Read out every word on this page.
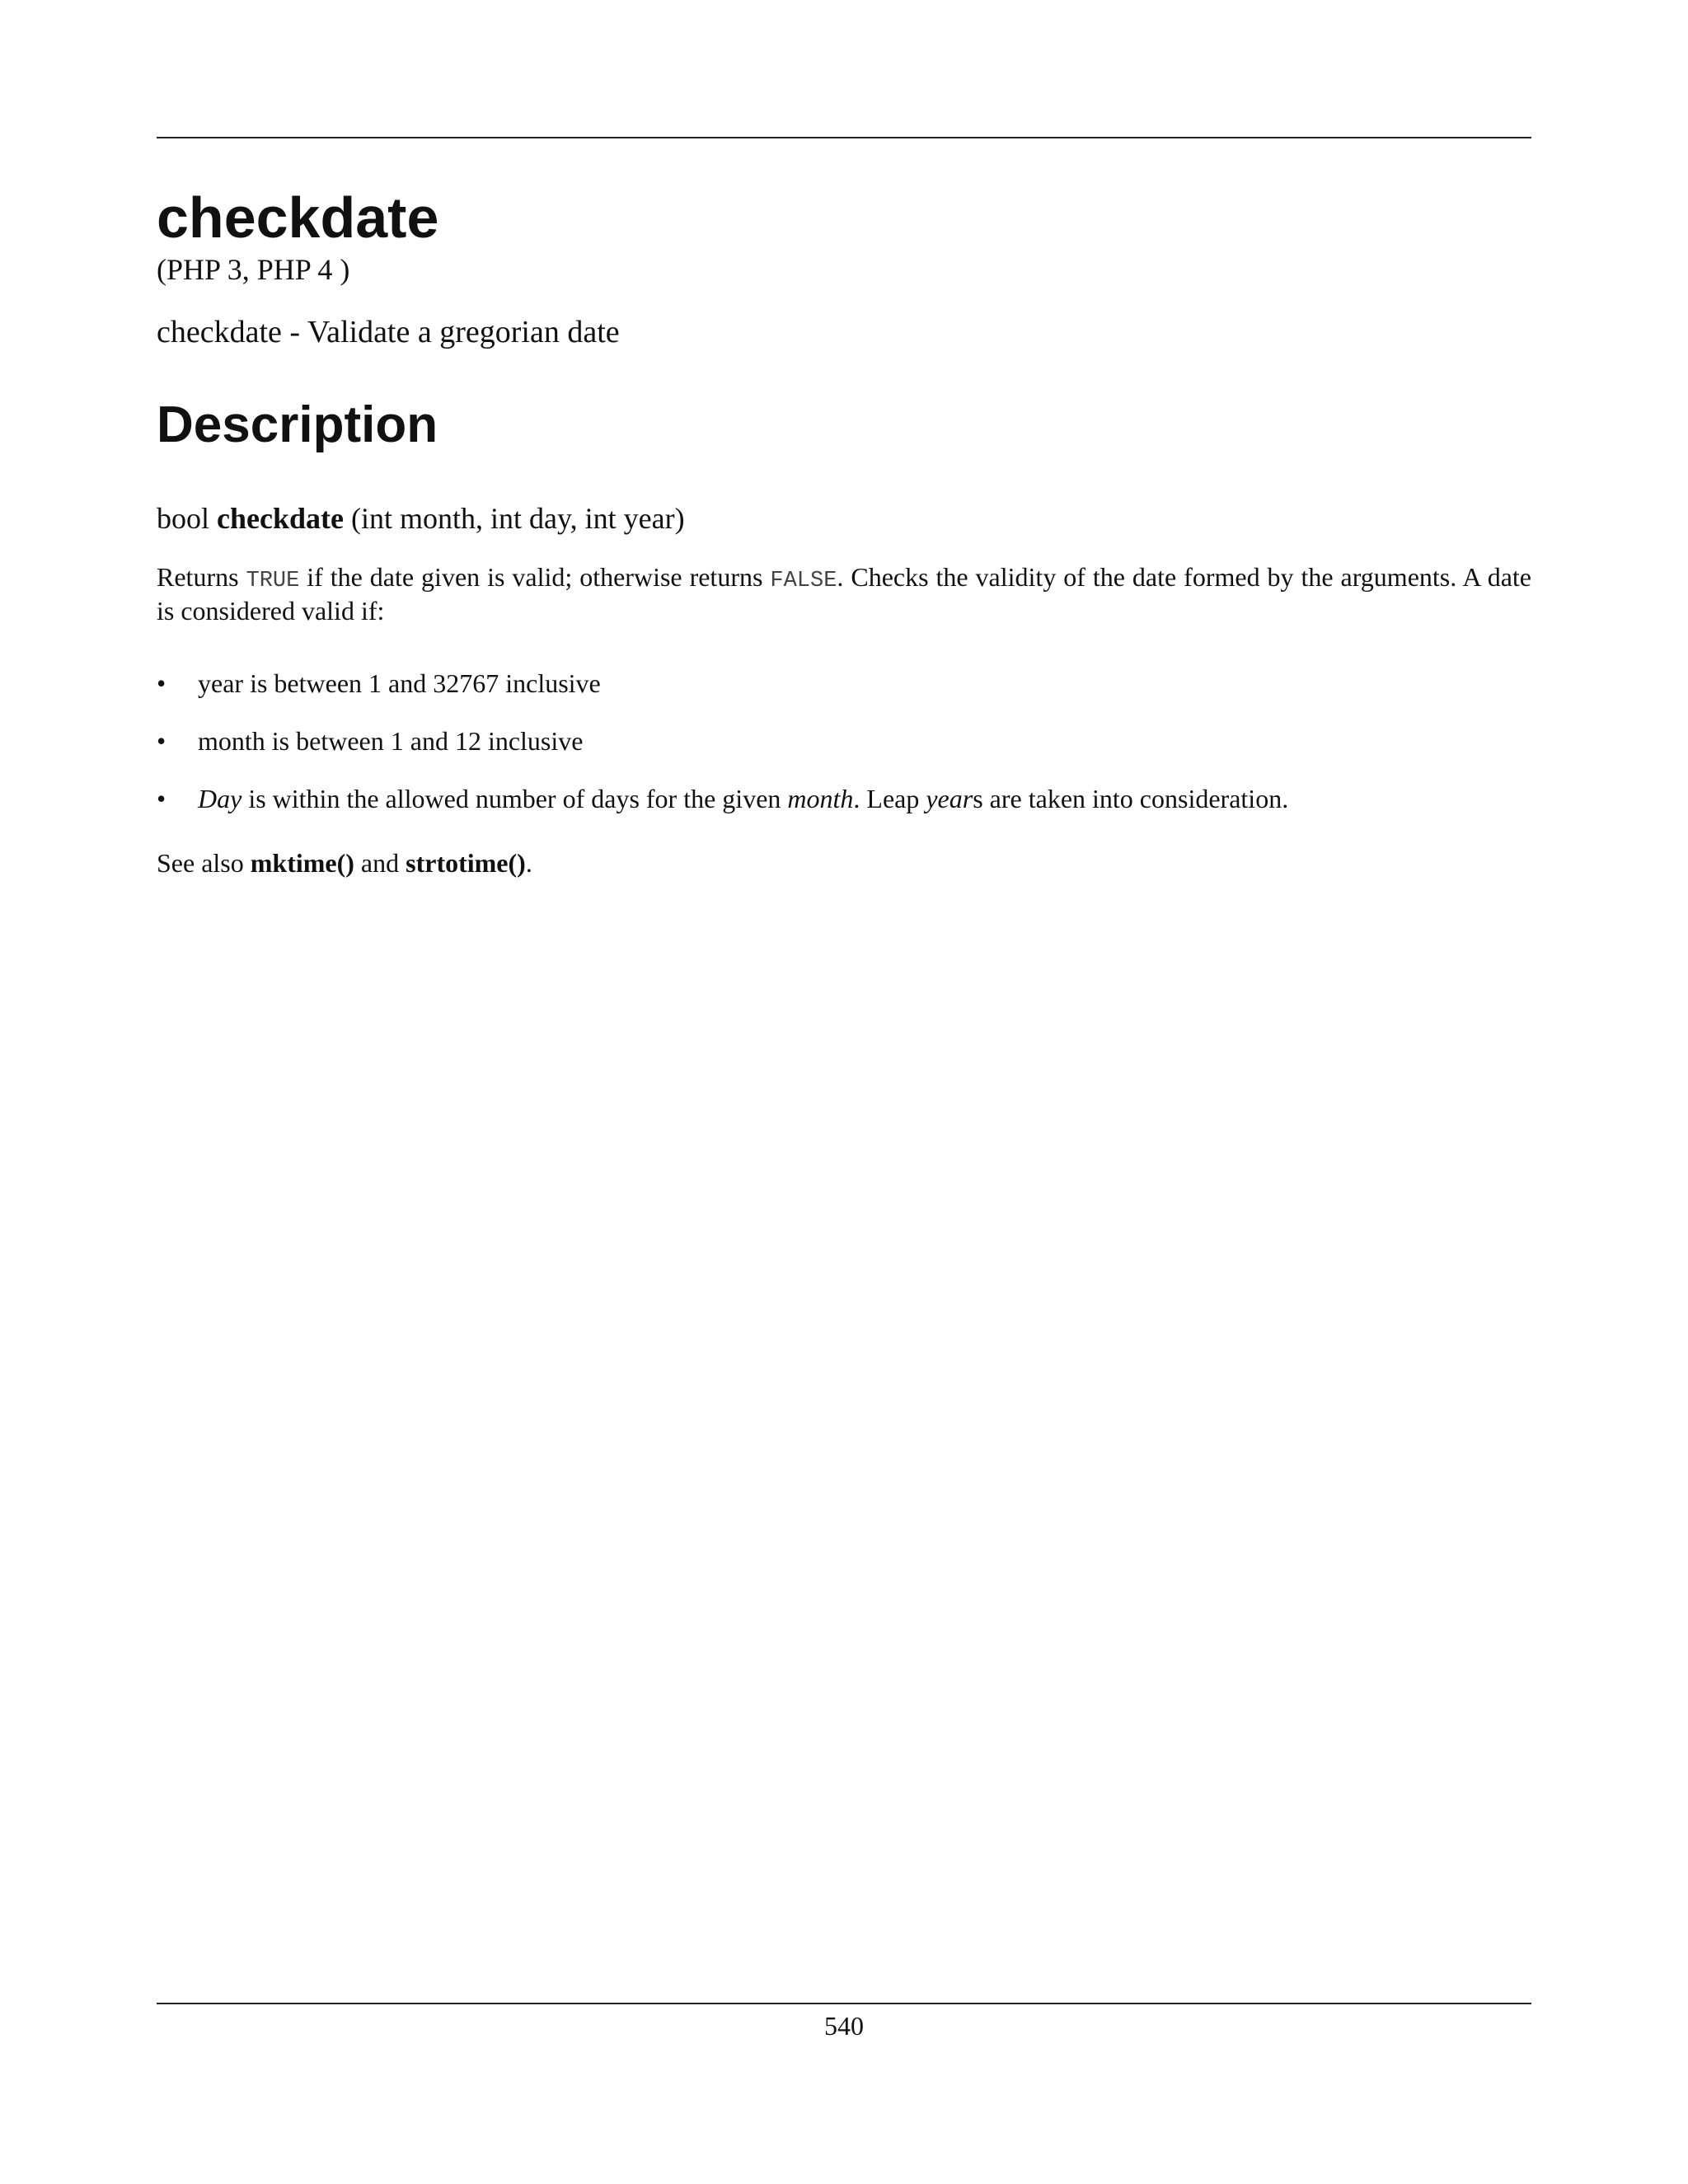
checkdate
(PHP 3, PHP 4 )
checkdate - Validate a gregorian date
Description
bool checkdate (int month, int day, int year)

Returns TRUE if the date given is valid; otherwise returns FALSE. Checks the validity of the date formed by the arguments. A date is considered valid if:

• year is between 1 and 32767 inclusive
• month is between 1 and 12 inclusive
• Day is within the allowed number of days for the given month. Leap years are taken into consideration.

See also mktime() and strtotime().

540
